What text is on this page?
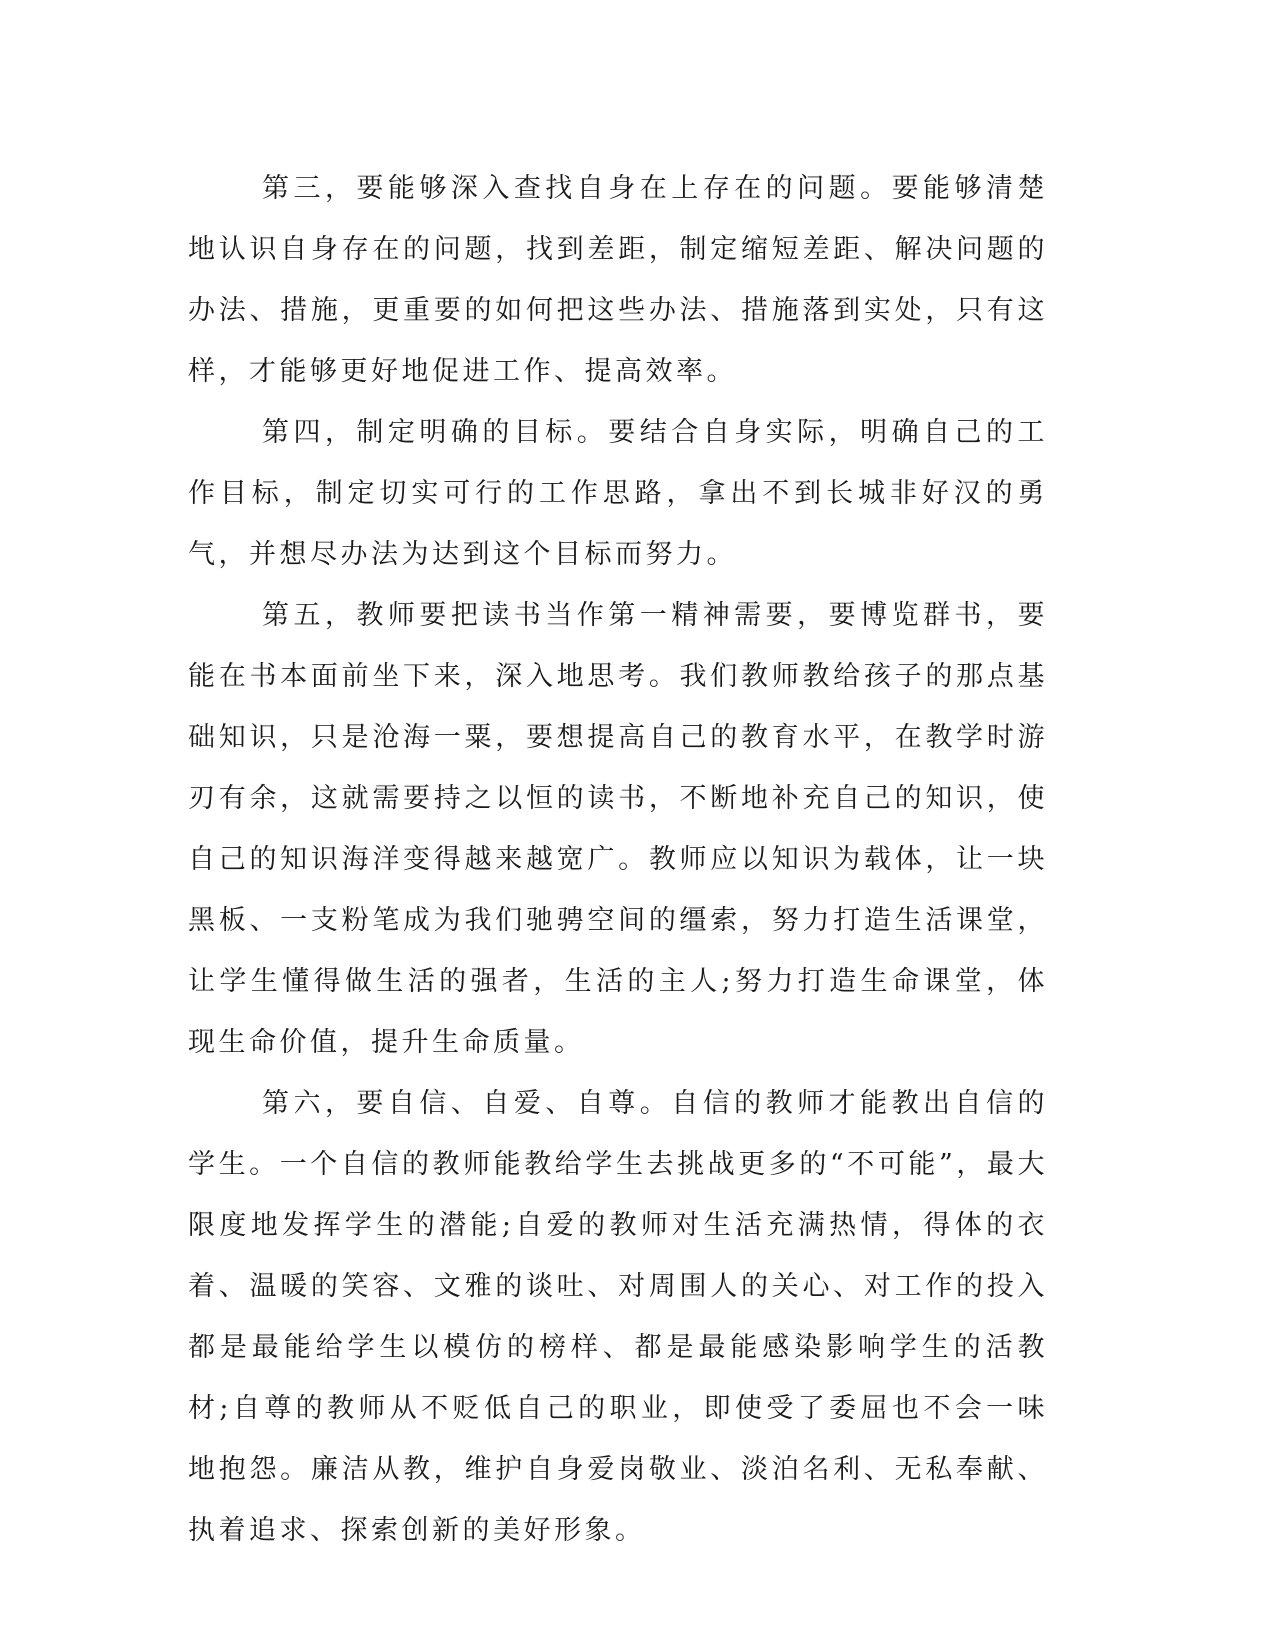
第三，要能够深入查找自身在上存在的问题。要能够清楚地认识自身存在的问题，找到差距，制定缩短差距、解决问题的办法、措施，更重要的如何把这些办法、措施落到实处，只有这样，才能够更好地促进工作、提高效率。

第四，制定明确的目标。要结合自身实际，明确自己的工作目标，制定切实可行的工作思路，拿出不到长城非好汉的勇气，并想尽办法为达到这个目标而努力。

第五，教师要把读书当作第一精神需要，要博览群书，要能在书本面前坐下来，深入地思考。我们教师教给孩子的那点基础知识，只是沧海一粟，要想提高自己的教育水平，在教学时游刃有余，这就需要持之以恒的读书，不断地补充自己的知识，使自己的知识海洋变得越来越宽广。教师应以知识为载体，让一块黑板、一支粉笔成为我们驰骋空间的缰索，努力打造生活课堂，让学生懂得做生活的强者，生活的主人;努力打造生命课堂，体现生命价值，提升生命质量。

第六，要自信、自爱、自尊。自信的教师才能教出自信的学生。一个自信的教师能教给学生去挑战更多的“不可能”，最大限度地发挥学生的潜能;自爱的教师对生活充满热情，得体的衣着、温暖的笑容、文雅的谈吐、对周围人的关心、对工作的投入都是最能给学生以模仿的榜样、都是最能感染影响学生的活教材;自尊的教师从不贬低自己的职业，即使受了委屈也不会一味地抱怨。廉洁从教，维护自身爱岗敬业、淡泊名利、无私奉献、执着追求、探索创新的美好形象。
